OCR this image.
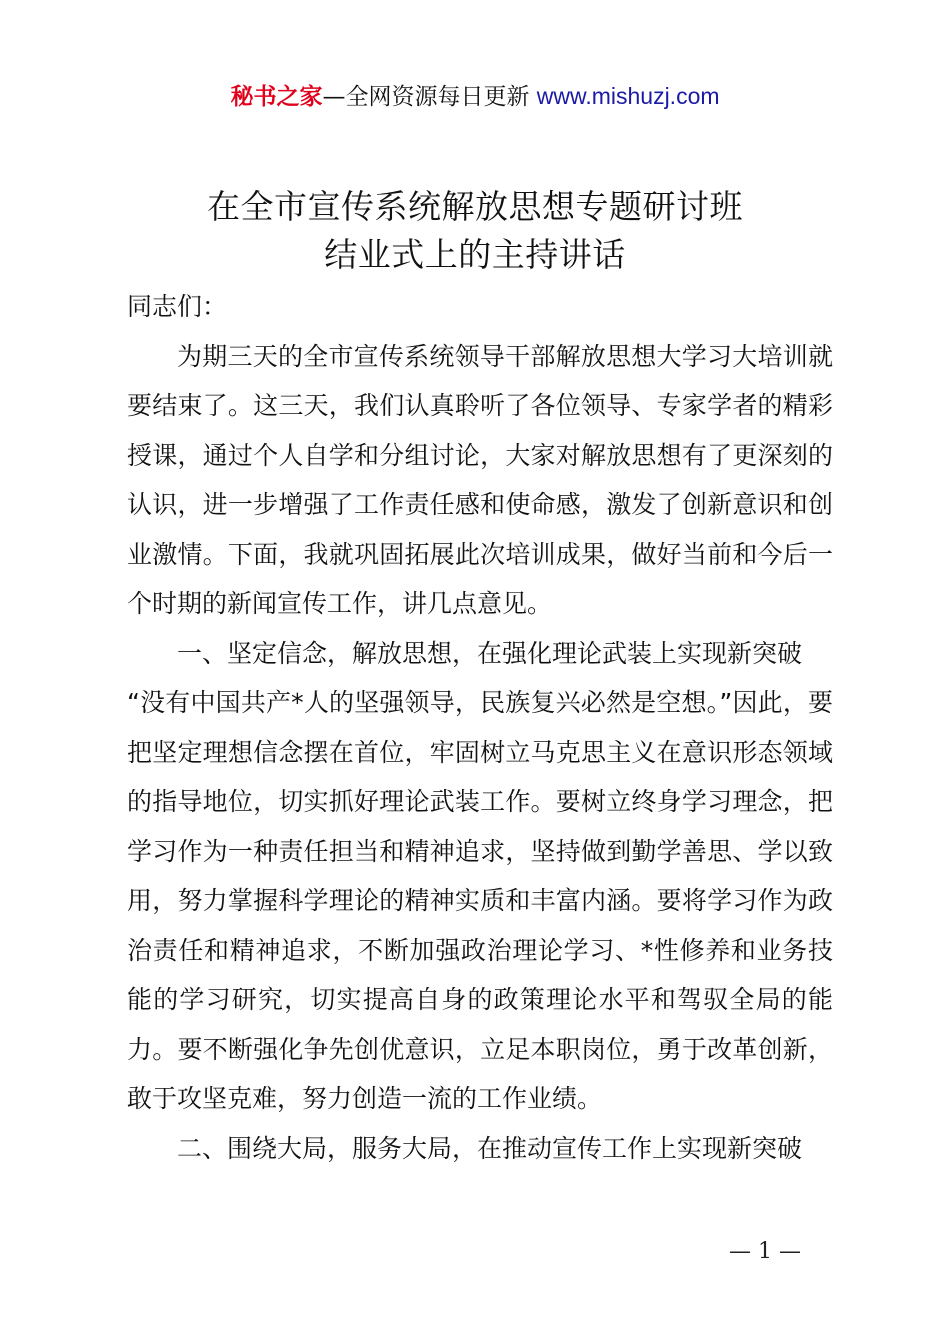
秘书之家—全网资源每日更新 www.mishuzj.com
在全市宣传系统解放思想专题研讨班
结业式上的主持讲话

同志们：

为期三天的全市宣传系统领导干部解放思想大学习大培训就要结束了。这三天，我们认真聆听了各位领导、专家学者的精彩授课，通过个人自学和分组讨论，大家对解放思想有了更深刻的认识，进一步增强了工作责任感和使命感，激发了创新意识和创业激情。下面，我就巩固拓展此次培训成果，做好当前和今后一个时期的新闻宣传工作，讲几点意见。

一、坚定信念，解放思想，在强化理论武装上实现新突破

“没有中国共产*人的坚强领导，民族复兴必然是空想。”因此，要把坚定理想信念摆在首位，牢固树立马克思主义在意识形态领域的指导地位，切实抓好理论武装工作。要树立终身学习理念，把学习作为一种责任担当和精神追求，坚持做到勤学善思、学以致用，努力掌握科学理论的精神实质和丰富内涵。要将学习作为政治责任和精神追求，不断加强政治理论学习、*性修养和业务技能的学习研究，切实提高自身的政策理论水平和驾驭全局的能力。要不断强化争先创优意识，立足本职岗位，勇于改革创新，敢于攻坚克难，努力创造一流的工作业绩。

二、围绕大局，服务大局，在推动宣传工作上实现新突破

— 1 —
